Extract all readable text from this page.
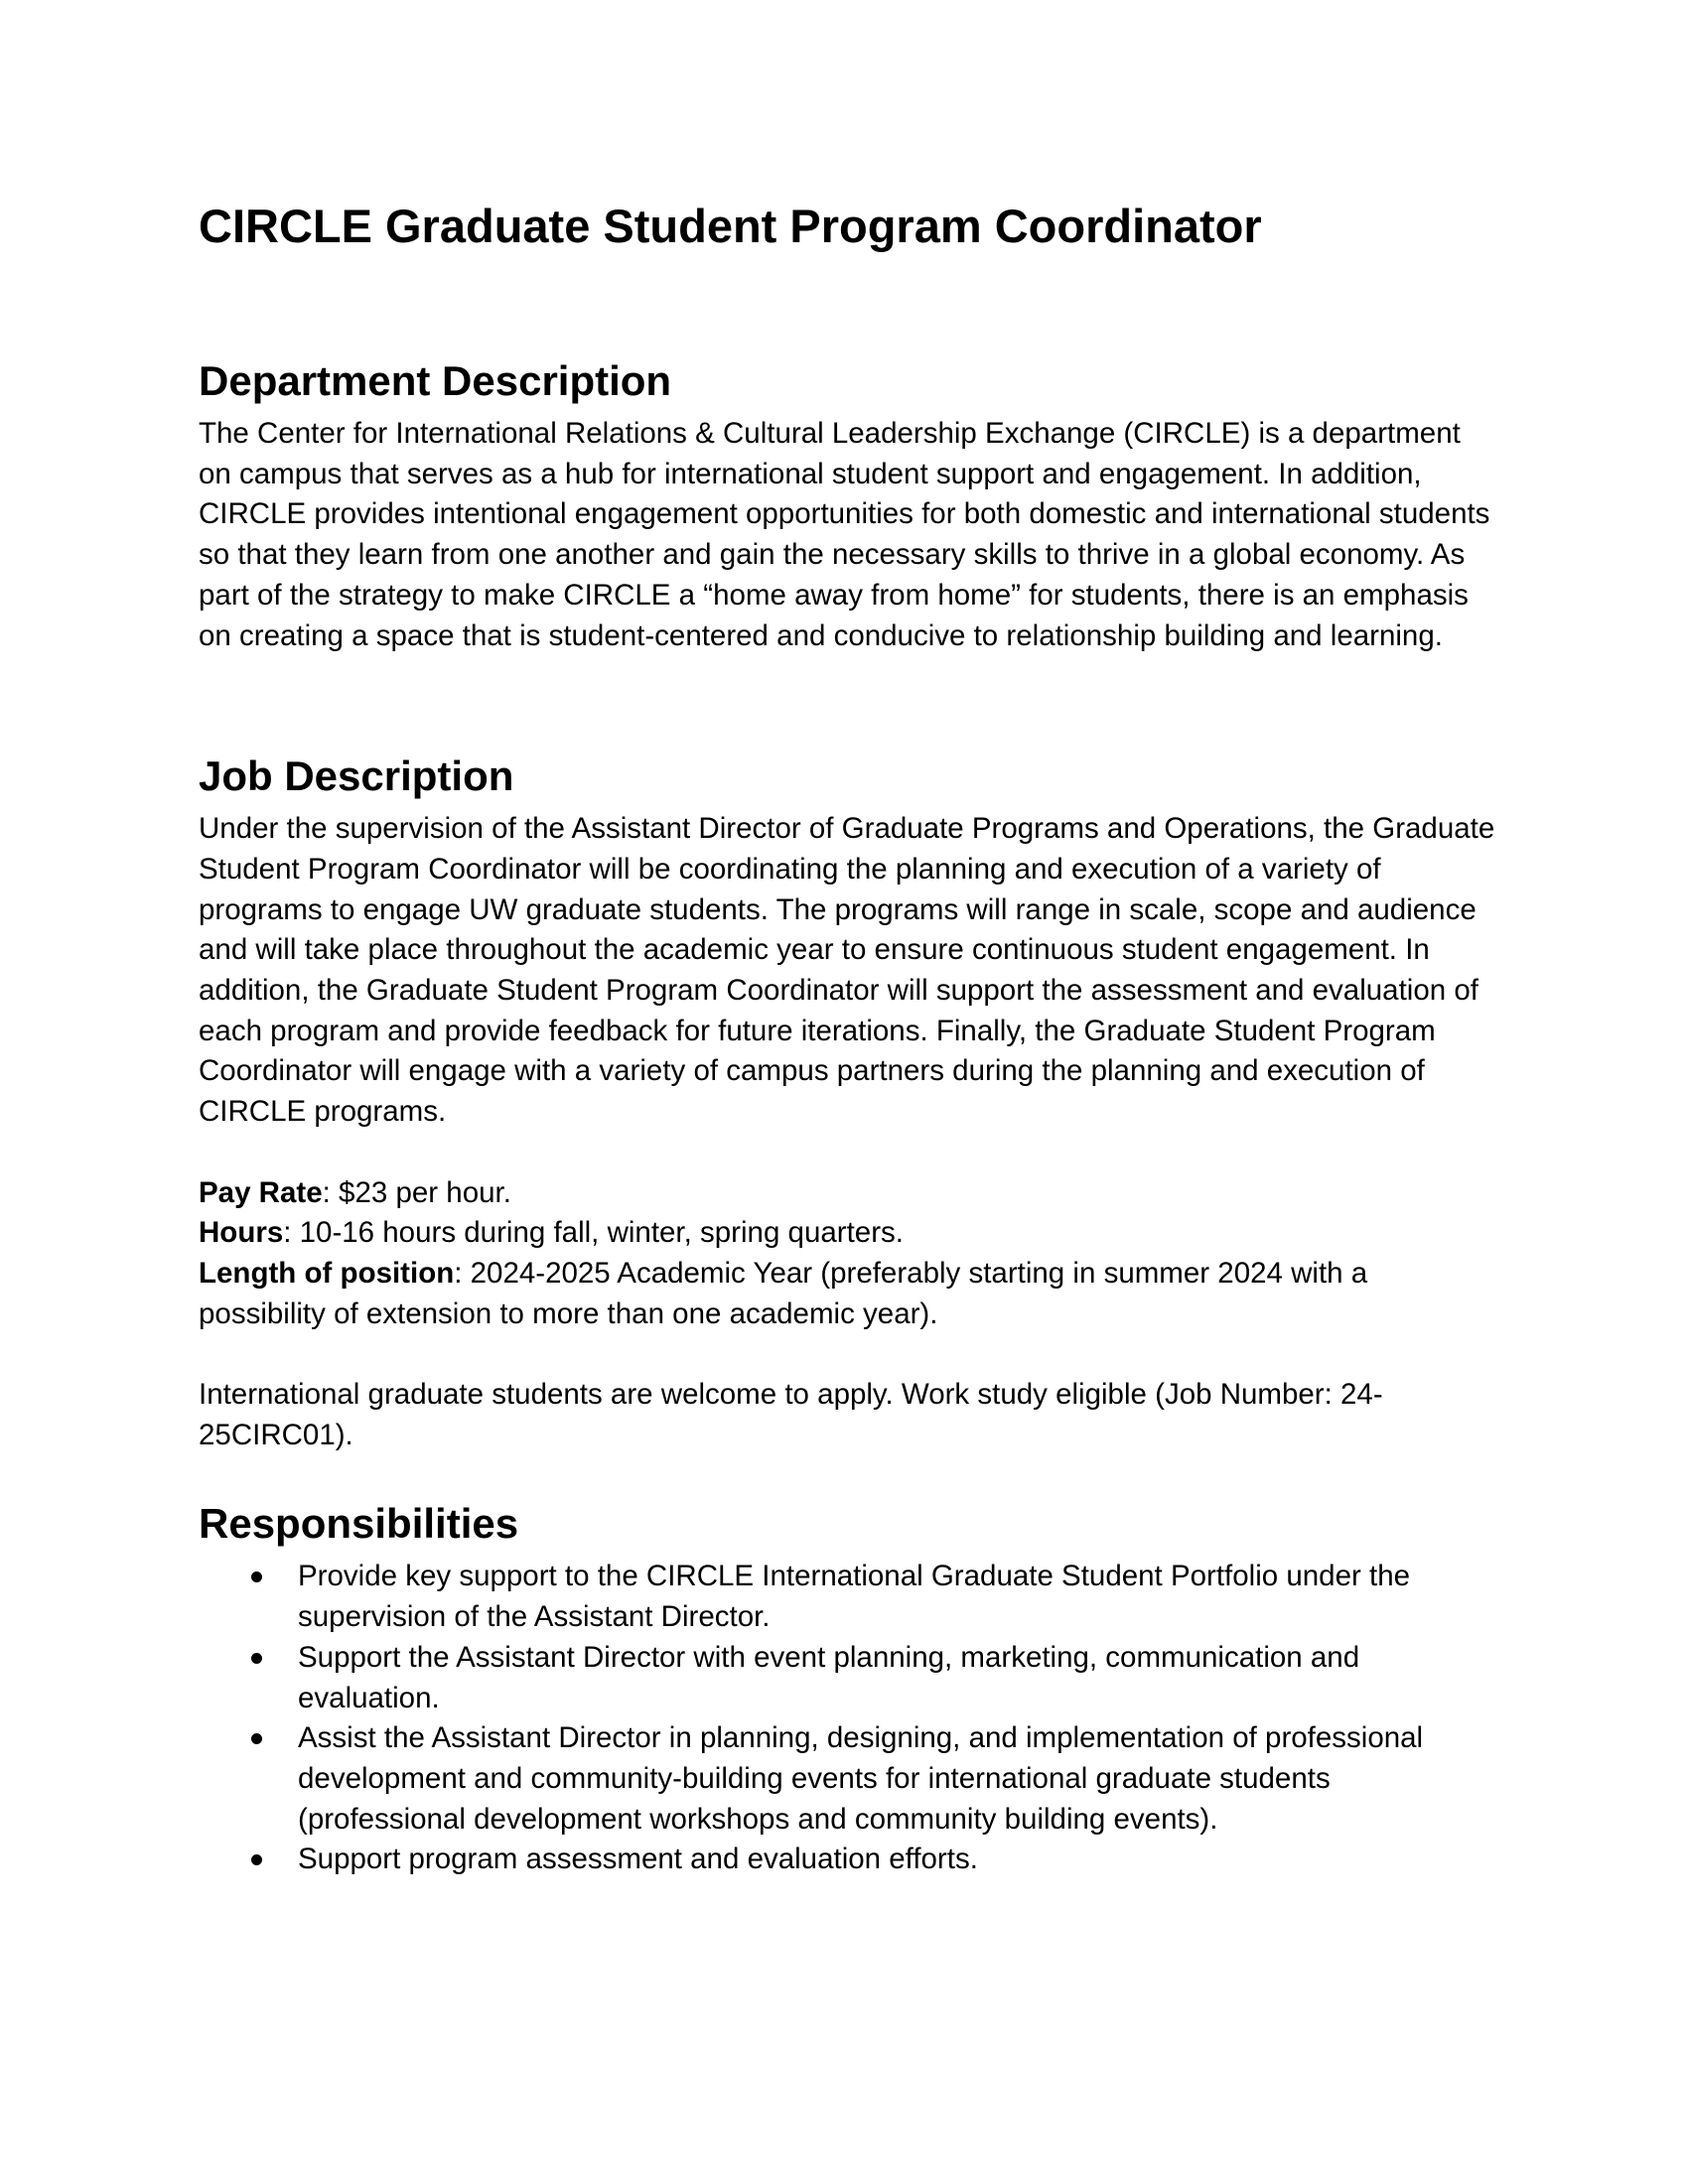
CIRCLE Graduate Student Program Coordinator
Department Description

The Center for International Relations & Cultural Leadership Exchange (CIRCLE) is a department on campus that serves as a hub for international student support and engagement. In addition, CIRCLE provides intentional engagement opportunities for both domestic and international students so that they learn from one another and gain the necessary skills to thrive in a global economy. As part of the strategy to make CIRCLE a “home away from home” for students, there is an emphasis on creating a space that is student-centered and conducive to relationship building and learning.

Job Description

Under the supervision of the Assistant Director of Graduate Programs and Operations, the Graduate Student Program Coordinator will be coordinating the planning and execution of a variety of programs to engage UW graduate students. The programs will range in scale, scope and audience and will take place throughout the academic year to ensure continuous student engagement. In addition, the Graduate Student Program Coordinator will support the assessment and evaluation of each program and provide feedback for future iterations. Finally, the Graduate Student Program Coordinator will engage with a variety of campus partners during the planning and execution of CIRCLE programs.

Pay Rate: $23 per hour.

Hours: 10-16 hours during fall, winter, spring quarters.

Length of position: 2024-2025 Academic Year (preferably starting in summer 2024 with a possibility of extension to more than one academic year).

International graduate students are welcome to apply. Work study eligible (Job Number: 24-25CIRC01).

Responsibilities
Provide key support to the CIRCLE International Graduate Student Portfolio under the supervision of the Assistant Director.
Support the Assistant Director with event planning, marketing, communication and evaluation.
Assist the Assistant Director in planning, designing, and implementation of professional development and community-building events for international graduate students (professional development workshops and community building events).
Support program assessment and evaluation efforts.
